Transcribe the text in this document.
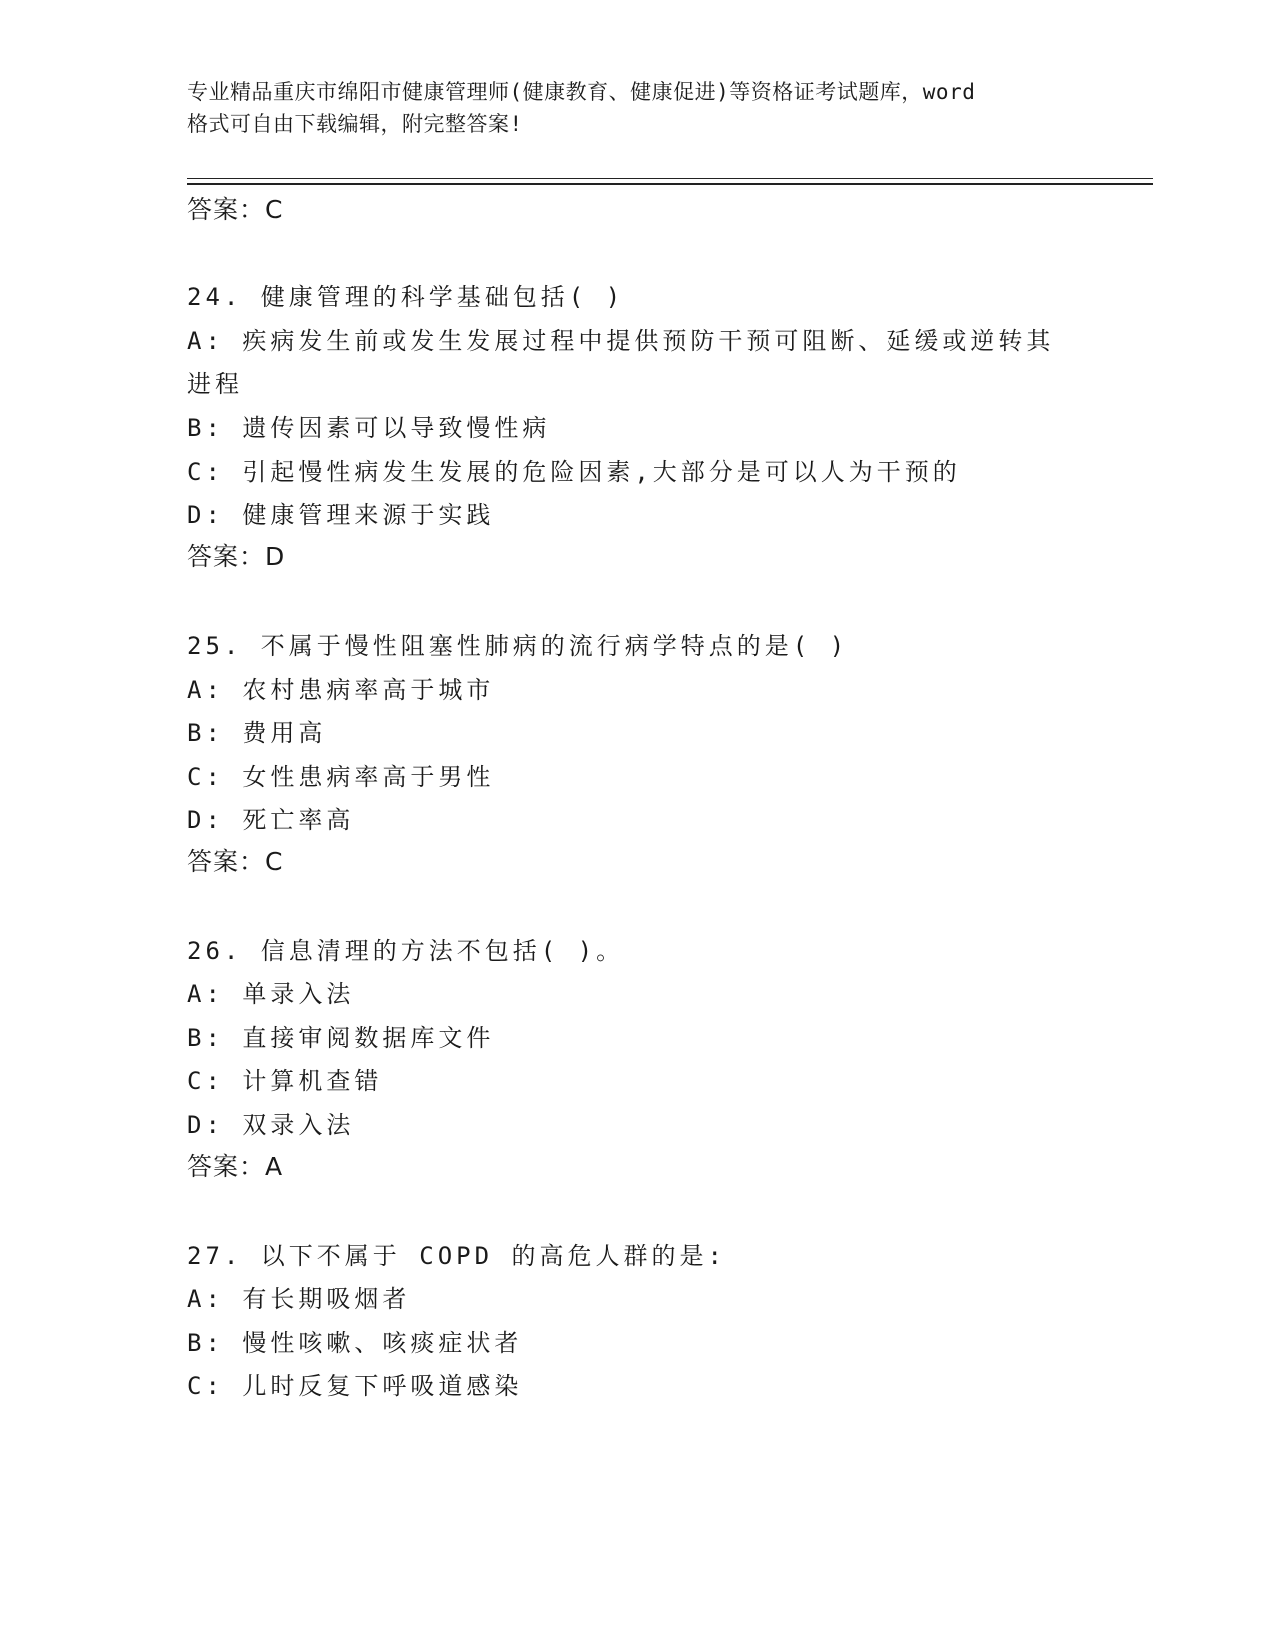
专业精品重庆市绵阳市健康管理师(健康教育、健康促进)等资格证考试题库，word
格式可自由下载编辑，附完整答案!
答案：C
24. 健康管理的科学基础包括( )
A: 疾病发生前或发生发展过程中提供预防干预可阻断、延缓或逆转其
进程
B: 遗传因素可以导致慢性病
C: 引起慢性病发生发展的危险因素,大部分是可以人为干预的
D: 健康管理来源于实践
答案：D
25. 不属于慢性阻塞性肺病的流行病学特点的是( )
A: 农村患病率高于城市
B: 费用高
C: 女性患病率高于男性
D: 死亡率高
答案：C
26. 信息清理的方法不包括( )。
A: 单录入法
B: 直接审阅数据库文件
C: 计算机查错
D: 双录入法
答案：A
27. 以下不属于 COPD 的高危人群的是:
A: 有长期吸烟者
B: 慢性咳嗽、咳痰症状者
C: 儿时反复下呼吸道感染
